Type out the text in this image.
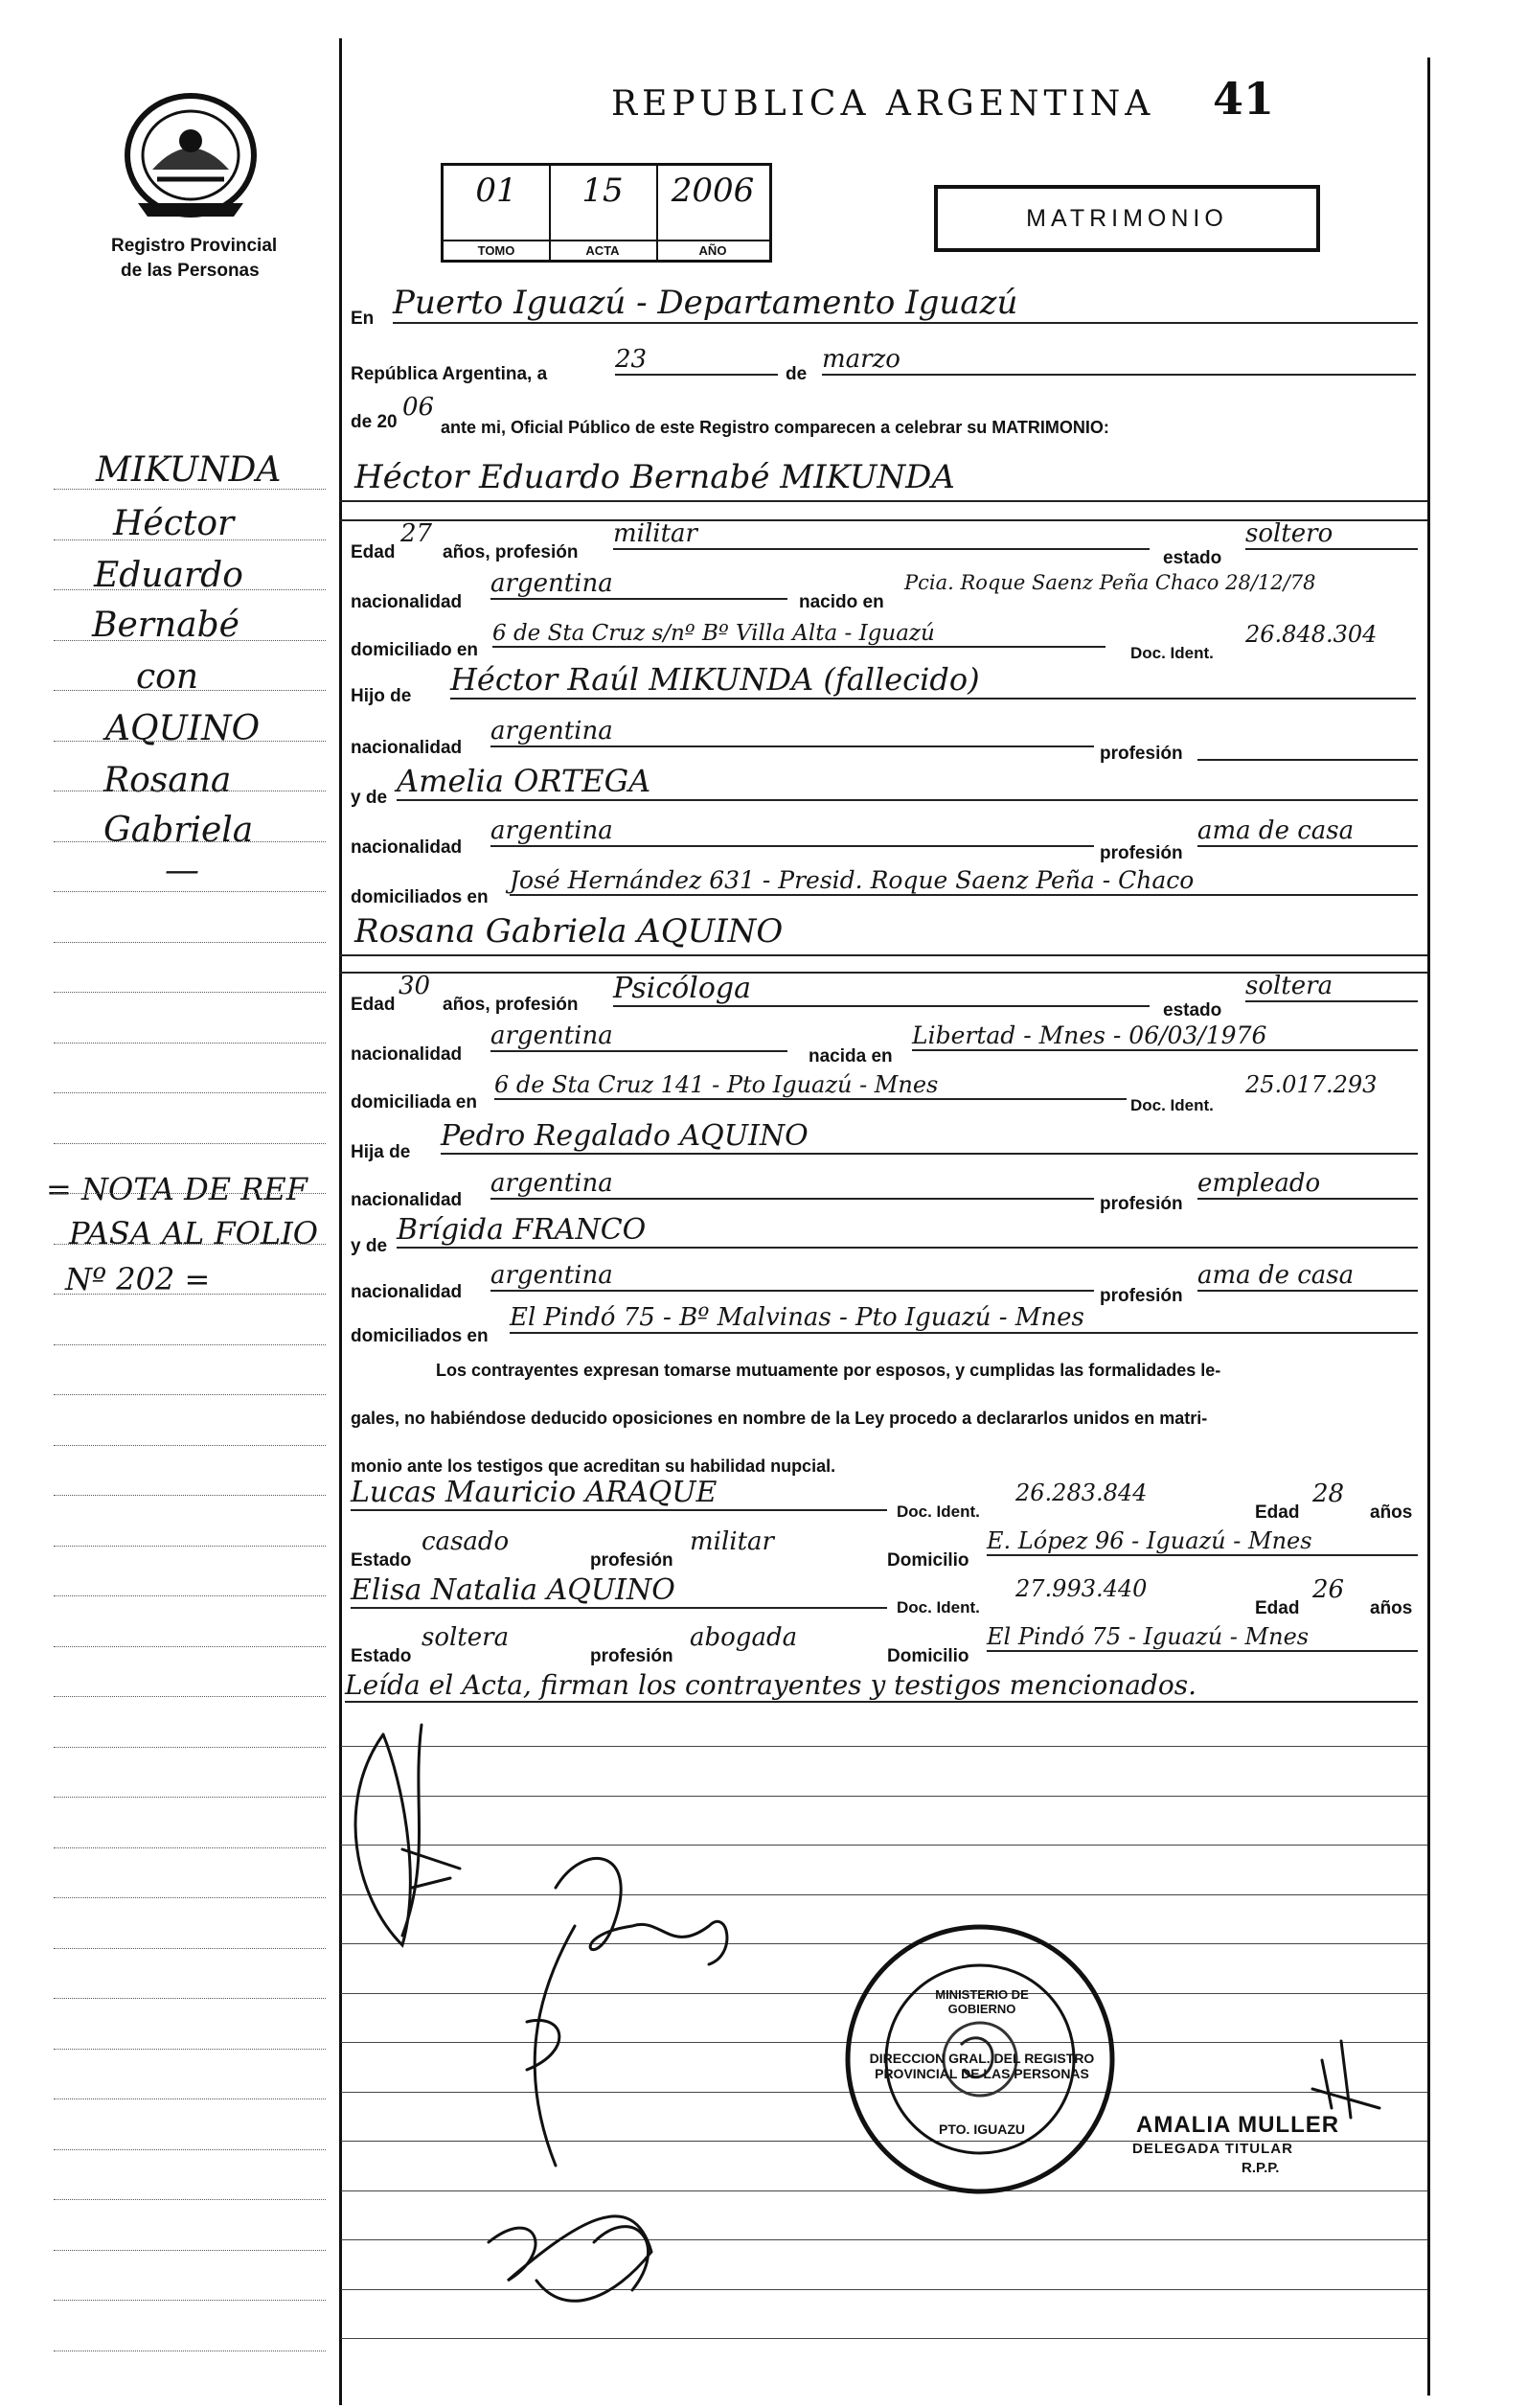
Registro Provincial
de las Personas
REPUBLICA ARGENTINA 41
01
TOMO
15
ACTA
2006
AÑO
MATRIMONIO
En Puerto Iguazú - Departamento Iguazú
República Argentina, a
23
de
marzo
de 20
06
ante mi, Oficial Público de este Registro comparecen a celebrar su MATRIMONIO:
MIKUNDA
Héctor
Eduardo
Bernabé
con
AQUINO
Rosana
Gabriela
—
= NOTA DE REF
PASA AL FOLIO
Nº 202 =
Héctor Eduardo Bernabé MIKUNDA
Edad
27
años, profesión
militar
estado
soltero
nacionalidad
argentina
nacido en
Pcia. Roque Saenz Peña Chaco 28/12/78
domiciliado en
6 de Sta Cruz s/nº Bº Villa Alta - Iguazú
Doc. Ident.
26.848.304
Hijo de Héctor Raúl MIKUNDA (fallecido)
nacionalidad
argentina
profesión
y de Amelia ORTEGA
nacionalidad
argentina
profesión
ama de casa
domiciliados en
José Hernández 631 - Presid. Roque Saenz Peña - Chaco
Rosana Gabriela AQUINO
Edad
30
años, profesión Psicóloga
estado
soltera
nacionalidad
argentina
nacida en
Libertad - Mnes - 06/03/1976
domiciliada en
6 de Sta Cruz 141 - Pto Iguazú - Mnes
Doc. Ident.
25.017.293
Hija de Pedro Regalado AQUINO
nacionalidad
argentina
profesión
empleado
y de Brígida FRANCO
nacionalidad
argentina
profesión
ama de casa
domiciliados en
El Pindó 75 - Bº Malvinas - Pto Iguazú - Mnes
Los contrayentes expresan tomarse mutuamente por esposos, y cumplidas las formalidades le-
gales, no habiéndose deducido oposiciones en nombre de la Ley procedo a declararlos unidos en matri-
monio ante los testigos que acreditan su habilidad nupcial.
Lucas Mauricio ARAQUE
Doc. Ident.
26.283.844
Edad
28
años
Estado
casado
profesión
militar
Domicilio
E. López 96 - Iguazú - Mnes
Elisa Natalia AQUINO
Doc. Ident.
27.993.440
Edad
26
años
Estado
soltera
profesión
abogada
Domicilio
El Pindó 75 - Iguazú - Mnes
Leída el Acta, firman los contrayentes y testigos mencionados.
DIRECCION GRAL. DEL REGISTRO PROVINCIAL DE LAS PERSONAS
MINISTERIO DE GOBIERNO
PTO. IGUAZU	AMALIA MULLER
DELEGADA TITULAR
R.P.P.
